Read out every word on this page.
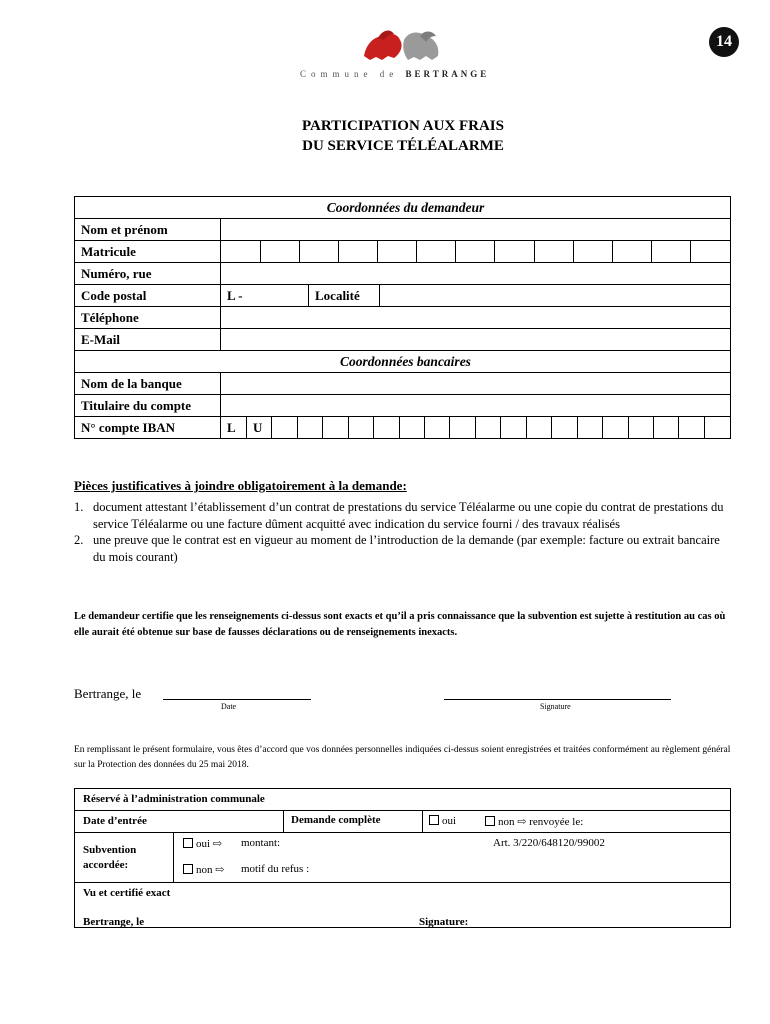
Commune de BERTRANGE
14
PARTICIPATION AUX FRAIS
DU SERVICE TÉLÉALARME
Coordonnées du demandeur
Nom et prénom	
Matricule	

Numéro, rue	
Code postal		L -	Localité	

Téléphone	
E-Mail	
Coordonnées bancaires
Nom de la banque	
Titulaire du compte	
N° compte IBAN		L	U																		
Pièces justificatives à joindre obligatoirement à la demande:
1. document attestant l’établissement d’un contrat de prestations du service Téléalarme ou une copie du contrat de prestations du service Téléalarme ou une facture dûment acquitté avec indication du service fourni / des travaux réalisés
2. une preuve que le contrat est en vigueur au moment de l’introduction de la demande (par exemple: facture ou extrait bancaire du mois courant)
Le demandeur certifie que les renseignements ci-dessus sont exacts et qu’il a pris connaissance que la subvention est sujette à restitution au cas où elle aurait été obtenue sur base de fausses déclarations ou de renseignements inexacts.
Bertrange, le
Date	Signature
En remplissant le présent formulaire, vous êtes d’accord que vos données personnelles indiquées ci-dessus soient enregistrées et traitées conformément au règlement général sur la Protection des données du 25 mai 2018.
Réservé à l’administration communale
Date d’entrée	Demande complète	oui	non ⇨ renvoyée le:
Subvention
accordée:
oui ⇨ montant:	Art. 3/220/648120/99002
non ⇨ motif du refus :
Vu et certifié exact
Bertrange, le	Signature:
